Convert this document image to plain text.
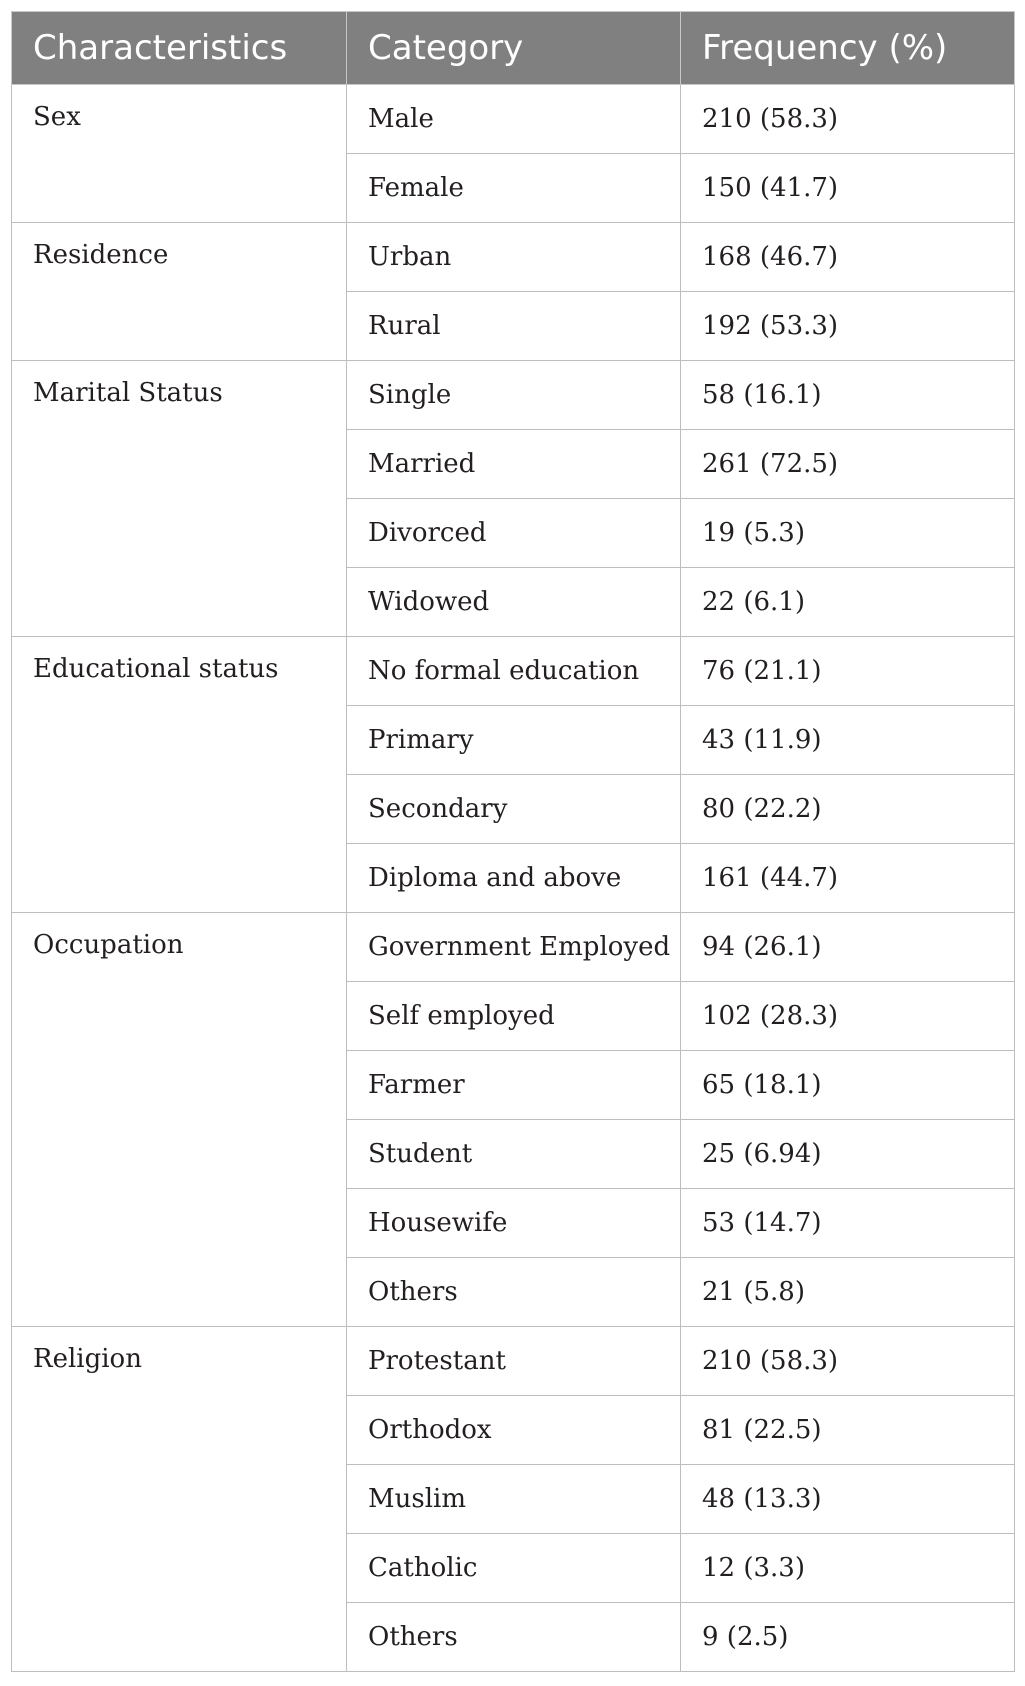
Characteristics	Category	Frequency (%)
Sex	Male	210 (58.3)
	Female	150 (41.7)
Residence	Urban	168 (46.7)
	Rural	192 (53.3)
Marital Status	Single	58 (16.1)
	Married	261 (72.5)
	Divorced	19 (5.3)
	Widowed	22 (6.1)
Educational status	No formal education	76 (21.1)
	Primary	43 (11.9)
	Secondary	80 (22.2)
	Diploma and above	161 (44.7)
Occupation	Government Employed	94 (26.1)
	Self employed	102 (28.3)
	Farmer	65 (18.1)
	Student	25 (6.94)
	Housewife	53 (14.7)
	Others	21 (5.8)
Religion	Protestant	210 (58.3)
	Orthodox	81 (22.5)
	Muslim	48 (13.3)
	Catholic	12 (3.3)
	Others	9 (2.5)
